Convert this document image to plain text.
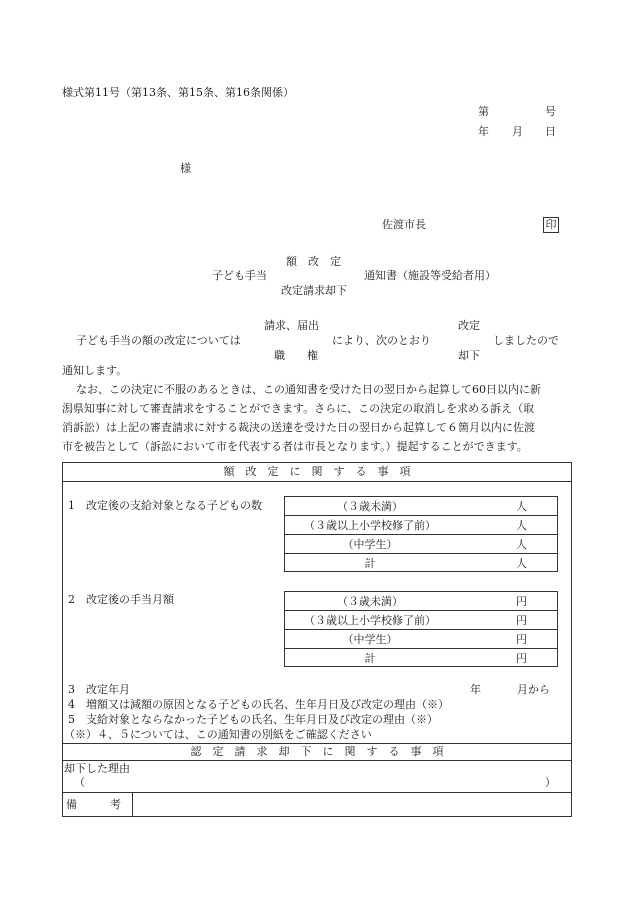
様式第11号（第13条、第15条、第16条関係）
第	号
年 月 日
様
佐渡市長	印
額　改　定
子ども手当	通知書（施設等受給者用）
改定請求却下
請求、届出	改定
子ども手当の額の改定については	により、次のとおり	しましたので
職　　権	却下
通知します。
なお、この決定に不服のあるときは、この通知書を受けた日の翌日から起算して60日以内に新
潟県知事に対して審査請求をすることができます。さらに、この決定の取消しを求める訴え（取
消訴訟）は上記の審査請求に対する裁決の送達を受けた日の翌日から起算して６箇月以内に佐渡
市を被告として（訴訟において市を代表する者は市長となります。）提起することができます。
額　改　定　に　関　す　る　事　項
1　改定後の支給対象となる子どもの数	（３歳未満）	人
（３歳以上小学校修了前）	人
（中学生）	人
計	人
2　改定後の手当月額	（３歳未満）	円
（３歳以上小学校修了前）	円
（中学生）	円
計	円
3　改定年月	年	月から
4　増額又は減額の原因となる子どもの氏名、生年月日及び改定の理由（※）
5　支給対象とならなかった子どもの氏名、生年月日及び改定の理由（※）
（※）４、５については、この通知書の別紙をご確認ください
認　定　請　求　却　下　に　関　す　る　事　項
却下した理由
（	）
備　　　考
